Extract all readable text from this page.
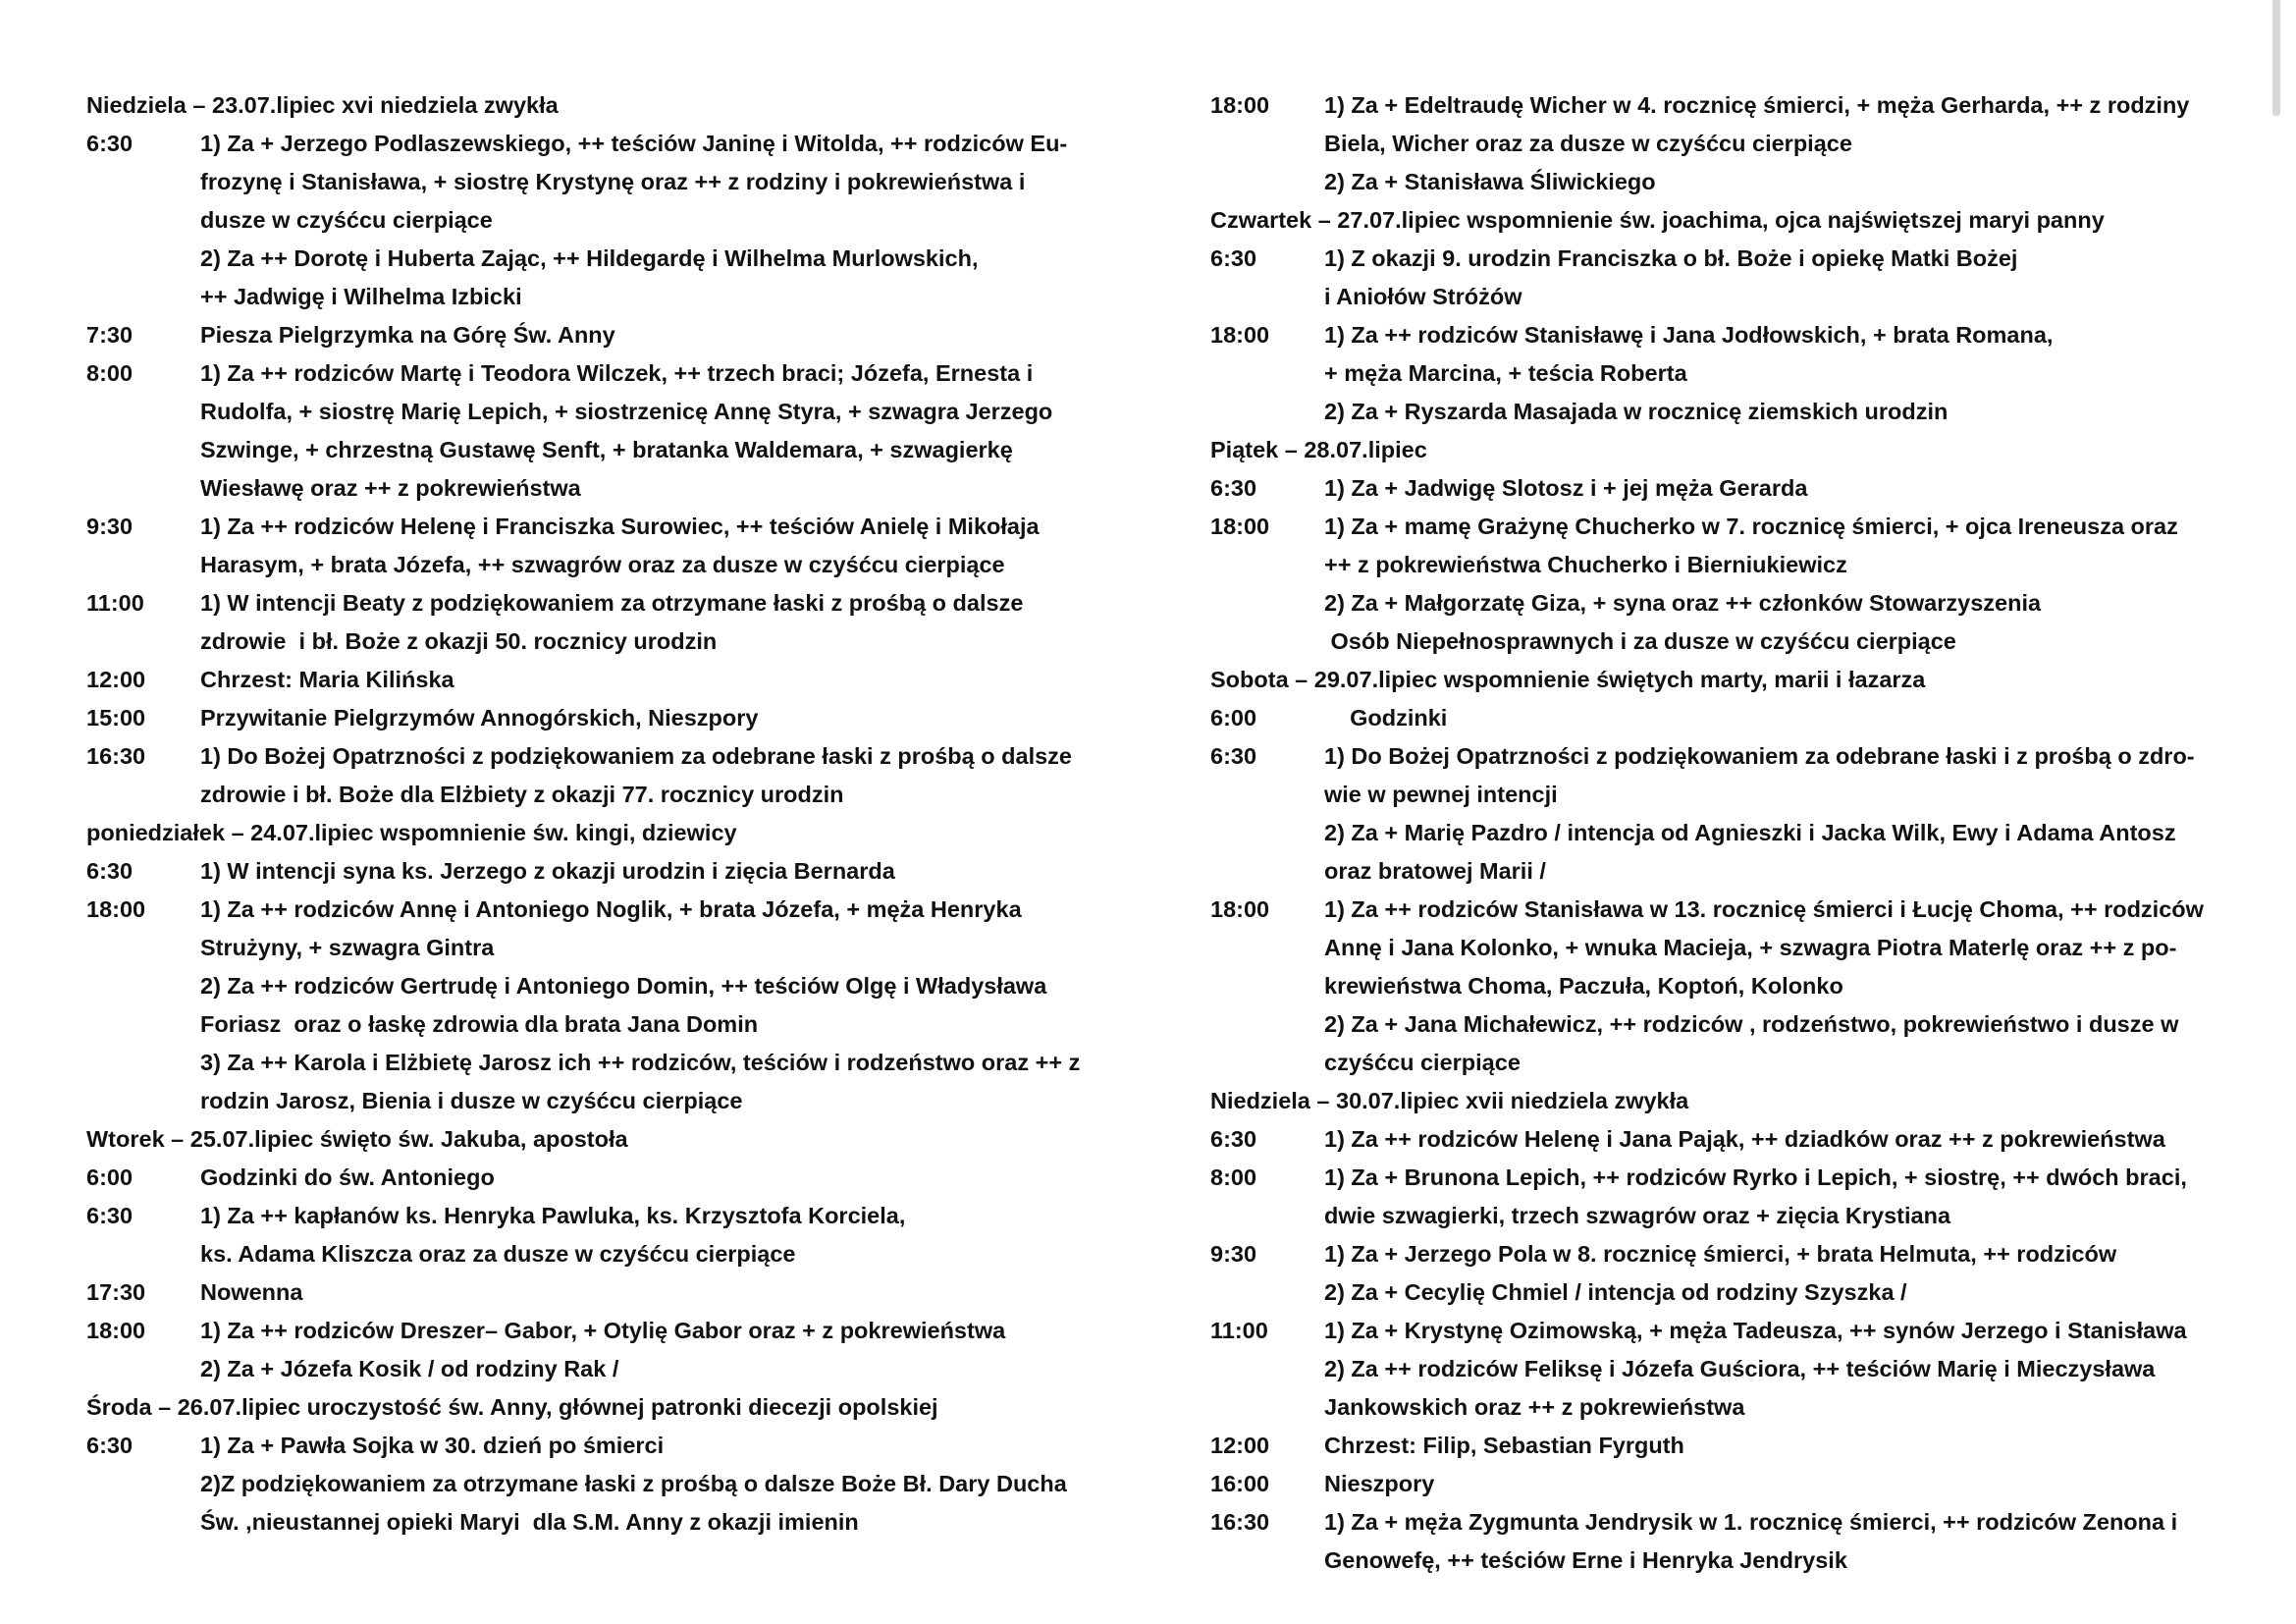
Niedziela – 23.07.lipiec xvi niedziela zwykła
6:30	1) Za + Jerzego Podlaszewskiego, ++ teściów Janinę i Witolda, ++ rodziców Eu-
frozynę i Stanisława, + siostrę Krystynę oraz ++ z rodziny i pokrewieństwa i
dusze w czyśćcu cierpiące
2) Za ++ Dorotę i Huberta Zając, ++ Hildegardę i Wilhelma Murlowskich,
++ Jadwigę i Wilhelma Izbicki
7:30	Piesza Pielgrzymka na Górę Św. Anny
8:00	1) Za ++ rodziców Martę i Teodora Wilczek, ++ trzech braci; Józefa, Ernesta i
Rudolfa, + siostrę Marię Lepich, + siostrzenicę Annę Styra, + szwagra Jerzego
Szwinge, + chrzestną Gustawę Senft, + bratanka Waldemara, + szwagierkę
Wiesławę oraz ++ z pokrewieństwa
9:30	1) Za ++ rodziców Helenę i Franciszka Surowiec, ++ teściów Anielę i Mikołaja
Harasym, + brata Józefa, ++ szwagrów oraz za dusze w czyśćcu cierpiące
11:00	1) W intencji Beaty z podziękowaniem za otrzymane łaski z prośbą o dalsze
zdrowie  i bł. Boże z okazji 50. rocznicy urodzin
12:00	Chrzest: Maria Kilińska
15:00	Przywitanie Pielgrzymów Annogórskich, Nieszpory
16:30	1) Do Bożej Opatrzności z podziękowaniem za odebrane łaski z prośbą o dalsze
zdrowie i bł. Boże dla Elżbiety z okazji 77. rocznicy urodzin
poniedziałek – 24.07.lipiec wspomnienie św. kingi, dziewicy
6:30	1) W intencji syna ks. Jerzego z okazji urodzin i zięcia Bernarda
18:00	1) Za ++ rodziców Annę i Antoniego Noglik, + brata Józefa, + męża Henryka
Strużyny, + szwagra Gintra
2) Za ++ rodziców Gertrudę i Antoniego Domin, ++ teściów Olgę i Władysława
Foriasz  oraz o łaskę zdrowia dla brata Jana Domin
3) Za ++ Karola i Elżbietę Jarosz ich ++ rodziców, teściów i rodzeństwo oraz ++ z
rodzin Jarosz, Bienia i dusze w czyśćcu cierpiące
Wtorek – 25.07.lipiec święto św. Jakuba, apostoła
6:00	Godzinki do św. Antoniego
6:30	1) Za ++ kapłanów ks. Henryka Pawluka, ks. Krzysztofa Korciela,
ks. Adama Kliszcza oraz za dusze w czyśćcu cierpiące
17:30	Nowenna
18:00	1) Za ++ rodziców Dreszer– Gabor, + Otylię Gabor oraz + z pokrewieństwa
2) Za + Józefa Kosik / od rodziny Rak /
Środa – 26.07.lipiec uroczystość św. Anny, głównej patronki diecezji opolskiej
6:30	1) Za + Pawła Sojka w 30. dzień po śmierci
2)Z podziękowaniem za otrzymane łaski z prośbą o dalsze Boże Bł. Dary Ducha
Św. ,nieustannej opieki Maryi  dla S.M. Anny z okazji imienin
18:00	1) Za + Edeltraudę Wicher w 4. rocznicę śmierci, + męża Gerharda, ++ z rodziny
Biela, Wicher oraz za dusze w czyśćcu cierpiące
2) Za + Stanisława Śliwickiego
Czwartek – 27.07.lipiec wspomnienie św. joachima, ojca najświętszej maryi panny
6:30	1) Z okazji 9. urodzin Franciszka o bł. Boże i opiekę Matki Bożej
i Aniołów Stróżów
18:00	1) Za ++ rodziców Stanisławę i Jana Jodłowskich, + brata Romana,
+ męża Marcina, + teścia Roberta
2) Za + Ryszarda Masajada w rocznicę ziemskich urodzin
Piątek – 28.07.lipiec
6:30	1) Za + Jadwigę Slotosz i + jej męża Gerarda
18:00	1) Za + mamę Grażynę Chucherko w 7. rocznicę śmierci, + ojca Ireneusza oraz
++ z pokrewieństwa Chucherko i Bierniukiewicz
2) Za + Małgorzatę Giza, + syna oraz ++ członków Stowarzyszenia
Osób Niepełnosprawnych i za dusze w czyśćcu cierpiące
Sobota – 29.07.lipiec wspomnienie świętych marty, marii i łazarza
6:00	Godzinki
6:30	1) Do Bożej Opatrzności z podziękowaniem za odebrane łaski i z prośbą o zdro-
wie w pewnej intencji
2) Za + Marię Pazdro / intencja od Agnieszki i Jacka Wilk, Ewy i Adama Antosz
oraz bratowej Marii /
18:00	1) Za ++ rodziców Stanisława w 13. rocznicę śmierci i Łucję Choma, ++ rodziców
Annę i Jana Kolonko, + wnuka Macieja, + szwagra Piotra Materlę oraz ++ z po-
krewieństwa Choma, Paczuła, Koptoń, Kolonko
2) Za + Jana Michałewicz, ++ rodziców , rodzeństwo, pokrewieństwo i dusze w
czyśćcu cierpiące
Niedziela – 30.07.lipiec xvii niedziela zwykła
6:30	1) Za ++ rodziców Helenę i Jana Pająk, ++ dziadków oraz ++ z pokrewieństwa
8:00	1) Za + Brunona Lepich, ++ rodziców Ryrko i Lepich, + siostrę, ++ dwóch braci,
dwie szwagierki, trzech szwagrów oraz + zięcia Krystiana
9:30	1) Za + Jerzego Pola w 8. rocznicę śmierci, + brata Helmuta, ++ rodziców
2) Za + Cecylię Chmiel / intencja od rodziny Szyszka /
11:00	1) Za + Krystynę Ozimowską, + męża Tadeusza, ++ synów Jerzego i Stanisława
2) Za ++ rodziców Feliksę i Józefa Guściora, ++ teściów Marię i Mieczysława
Jankowskich oraz ++ z pokrewieństwa
12:00	Chrzest: Filip, Sebastian Fyrguth
16:00	Nieszpory
16:30	1) Za + męża Zygmunta Jendrysik w 1. rocznicę śmierci, ++ rodziców Zenona i
Genowefę, ++ teściów Erne i Henryka Jendrysik
